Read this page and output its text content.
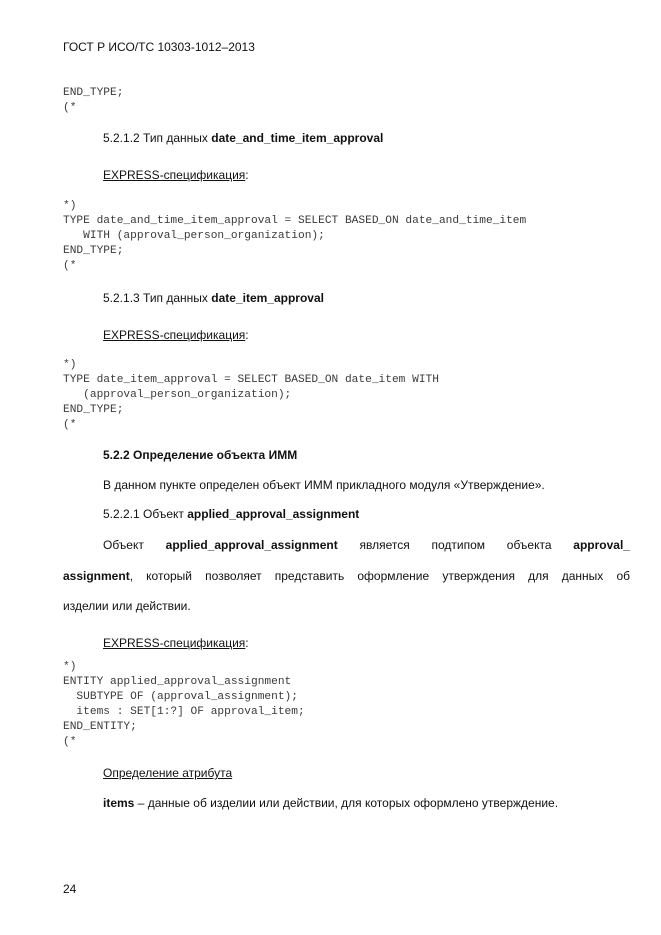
ГОСТ Р ИСО/ТС 10303-1012–2013
END_TYPE;
(*
5.2.1.2 Тип данных date_and_time_item_approval
EXPRESS-спецификация:
*)
TYPE date_and_time_item_approval = SELECT BASED_ON date_and_time_item
WITH (approval_person_organization);
END_TYPE;
(*
5.2.1.3 Тип данных date_item_approval
EXPRESS-спецификация:
*)
TYPE date_item_approval = SELECT BASED_ON date_item WITH
(approval_person_organization);
END_TYPE;
(*
5.2.2 Определение объекта ИММ
В данном пункте определен объект ИММ прикладного модуля «Утверждение».
5.2.2.1 Объект applied_approval_assignment
Объект applied_approval_assignment является подтипом объекта approval_
assignment, который позволяет представить оформление утверждения для данных об
изделии или действии.
EXPRESS-спецификация:
*)
ENTITY applied_approval_assignment
SUBTYPE OF (approval_assignment);
items : SET[1:?] OF approval_item;
END_ENTITY;
(*
Определение атрибута
items – данные об изделии или действии, для которых оформлено утверждение.
24
